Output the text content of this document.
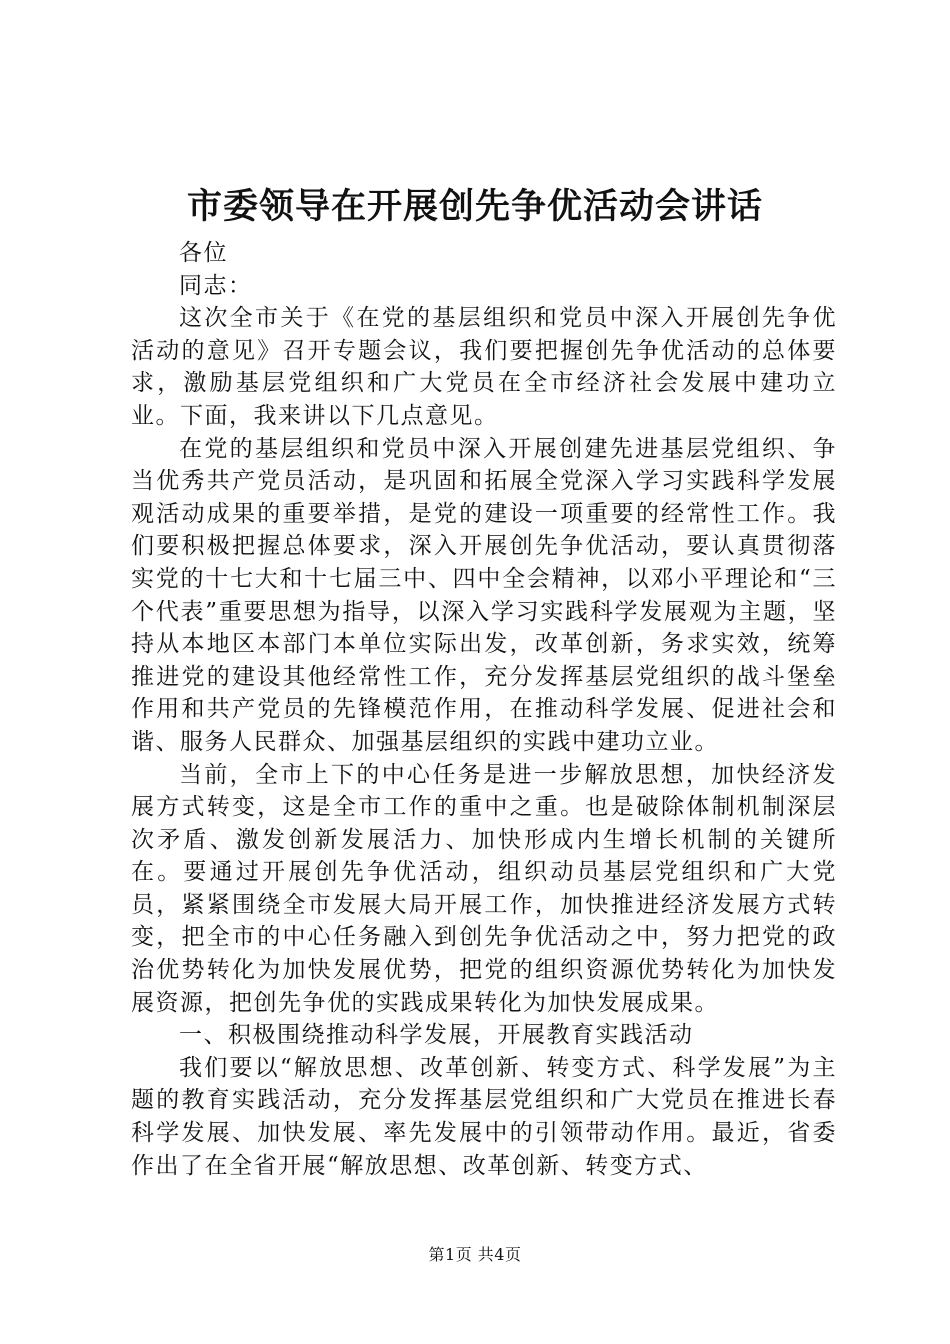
市委领导在开展创先争优活动会讲话

各位

同志：

这次全市关于《在党的基层组织和党员中深入开展创先争优活动的意见》召开专题会议，我们要把握创先争优活动的总体要求，激励基层党组织和广大党员在全市经济社会发展中建功立业。下面，我来讲以下几点意见。

在党的基层组织和党员中深入开展创建先进基层党组织、争当优秀共产党员活动，是巩固和拓展全党深入学习实践科学发展观活动成果的重要举措，是党的建设一项重要的经常性工作。我们要积极把握总体要求，深入开展创先争优活动，要认真贯彻落实党的十七大和十七届三中、四中全会精神，以邓小平理论和“三个代表”重要思想为指导，以深入学习实践科学发展观为主题，坚持从本地区本部门本单位实际出发，改革创新，务求实效，统筹推进党的建设其他经常性工作，充分发挥基层党组织的战斗堡垒作用和共产党员的先锋模范作用，在推动科学发展、促进社会和谐、服务人民群众、加强基层组织的实践中建功立业。

当前，全市上下的中心任务是进一步解放思想，加快经济发展方式转变，这是全市工作的重中之重。也是破除体制机制深层次矛盾、激发创新发展活力、加快形成内生增长机制的关键所在。要通过开展创先争优活动，组织动员基层党组织和广大党员，紧紧围绕全市发展大局开展工作，加快推进经济发展方式转变，把全市的中心任务融入到创先争优活动之中，努力把党的政治优势转化为加快发展优势，把党的组织资源优势转化为加快发展资源，把创先争优的实践成果转化为加快发展成果。

一、积极围绕推动科学发展，开展教育实践活动

我们要以“解放思想、改革创新、转变方式、科学发展”为主题的教育实践活动，充分发挥基层党组织和广大党员在推进长春科学发展、加快发展、率先发展中的引领带动作用。最近，省委作出了在全省开展“解放思想、改革创新、转变方式、

第1页 共4页
